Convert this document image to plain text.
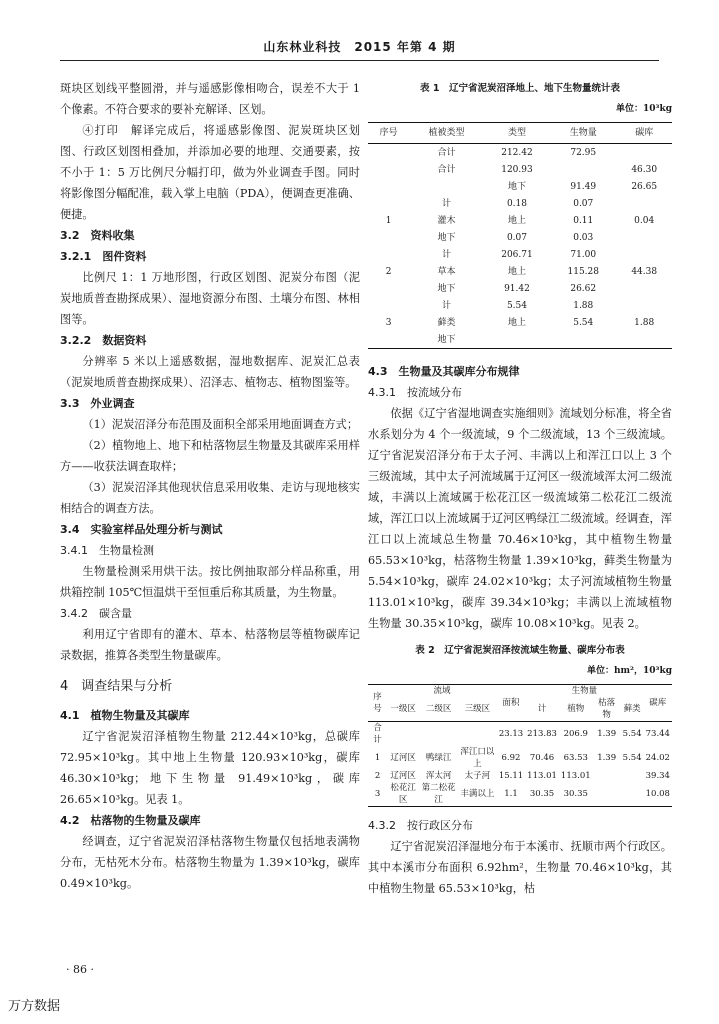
山东林业科技　2015 年第 4 期

斑块区划线平整圆滑，并与遥感影像相吻合，误差不大于 1 个像素。不符合要求的要补充解译、区划。

④打印　解译完成后，将遥感影像图、泥炭斑块区划图、行政区划图相叠加，并添加必要的地理、交通要素，按不小于 1：5 万比例尺分幅打印，做为外业调查手图。同时将影像图分幅配准，载入掌上电脑（PDA），便调查更准确、便捷。

3.2　资料收集
3.2.1　图件资料

比例尺 1：1 万地形图，行政区划图、泥炭分布图（泥炭地质普查勘探成果）、湿地资源分布图、土壤分布图、林相图等。

3.2.2　数据资料

分辨率 5 米以上遥感数据，湿地数据库、泥炭汇总表（泥炭地质普查勘探成果）、沼泽志、植物志、植物图鉴等。

3.3　外业调查

（1）泥炭沼泽分布范围及面积全部采用地面调查方式；

（2）植物地上、地下和枯落物层生物量及其碳库采用样方——收获法调查取样；

（3）泥炭沼泽其他现状信息采用收集、走访与现地核实相结合的调查方法。

3.4　实验室样品处理分析与测试
3.4.1　生物量检测

生物量检测采用烘干法。按比例抽取部分样品称重，用烘箱控制 105℃恒温烘干至恒重后称其质量，为生物量。

3.4.2　碳含量

利用辽宁省即有的灌木、草本、枯落物层等植物碳库记录数据，推算各类型生物量碳库。

4　调查结果与分析
4.1　植物生物量及其碳库

辽宁省泥炭沼泽植物生物量 212.44×10³kg，总碳库 72.95×10³kg。其中地上生物量 120.93×10³kg，碳库 46.30×10³kg；地下生物量 91.49×10³kg，碳库 26.65×10³kg。见表 1。

4.2　枯落物的生物量及碳库

经调查，辽宁省泥炭沼泽枯落物生物量仅包括地表满物分布，无枯死木分布。枯落物生物量为 1.39×10³kg，碳库 0.49×10³kg。

表 1　辽宁省泥炭沼泽地上、地下生物量统计表
单位：10³kg
序号	植被类型	类型	生物量	碳库
	合计	212.42	72.95	
	合计	120.93		46.30
		地下	91.49	26.65
	计	0.18	0.07	
1	灌木	地上	0.11	0.04
	地下	0.07	0.03	
	计	206.71	71.00	
2	草本	地上	115.28	44.38
	地下	91.42	26.62	
	计	5.54	1.88	
3	藓类	地上	5.54	1.88
	地下			
4.3　生物量及其碳库分布规律
4.3.1　按流域分布

依据《辽宁省湿地调查实施细则》流域划分标准，将全省水系划分为 4 个一级流域，9 个二级流域，13 个三级流域。辽宁省泥炭沼泽分布于太子河、丰满以上和浑江口以上 3 个三级流域，其中太子河流域属于辽河区一级流域浑太河二级流域，丰满以上流域属于松花江区一级流域第二松花江二级流域，浑江口以上流域属于辽河区鸭绿江二级流域。经调查，浑江口以上流域总生物量 70.46×10³kg，其中植物生物量 65.53×10³kg，枯落物生物量 1.39×10³kg，藓类生物量为 5.54×10³kg，碳库 24.02×10³kg；太子河流域植物生物量 113.01×10³kg，碳库 39.34×10³kg；丰满以上流域植物生物量 30.35×10³kg，碳库 10.08×10³kg。见表 2。

表 2　辽宁省泥炭沼泽按流域生物量、碳库分布表
单位：hm²，10³kg
序号	流域			面积	生物量				碳库
	一级区	二级区	三级区		计	植物	枯落物	藓类	
合计				23.13	213.83	206.9	1.39	5.54	73.44
1	辽河区	鸭绿江	浑江口以上	6.92	70.46	63.53	1.39	5.54	24.02
2	辽河区	浑太河	太子河	15.11	113.01	113.01			39.34
3	松花江区	第二松花江	丰满以上	1.1	30.35	30.35			10.08
4.3.2　按行政区分布

辽宁省泥炭沼泽湿地分布于本溪市、抚顺市两个行政区。其中本溪市分布面积 6.92hm²，生物量 70.46×10³kg，其中植物生物量 65.53×10³kg，枯

· 86 ·
万方数据
